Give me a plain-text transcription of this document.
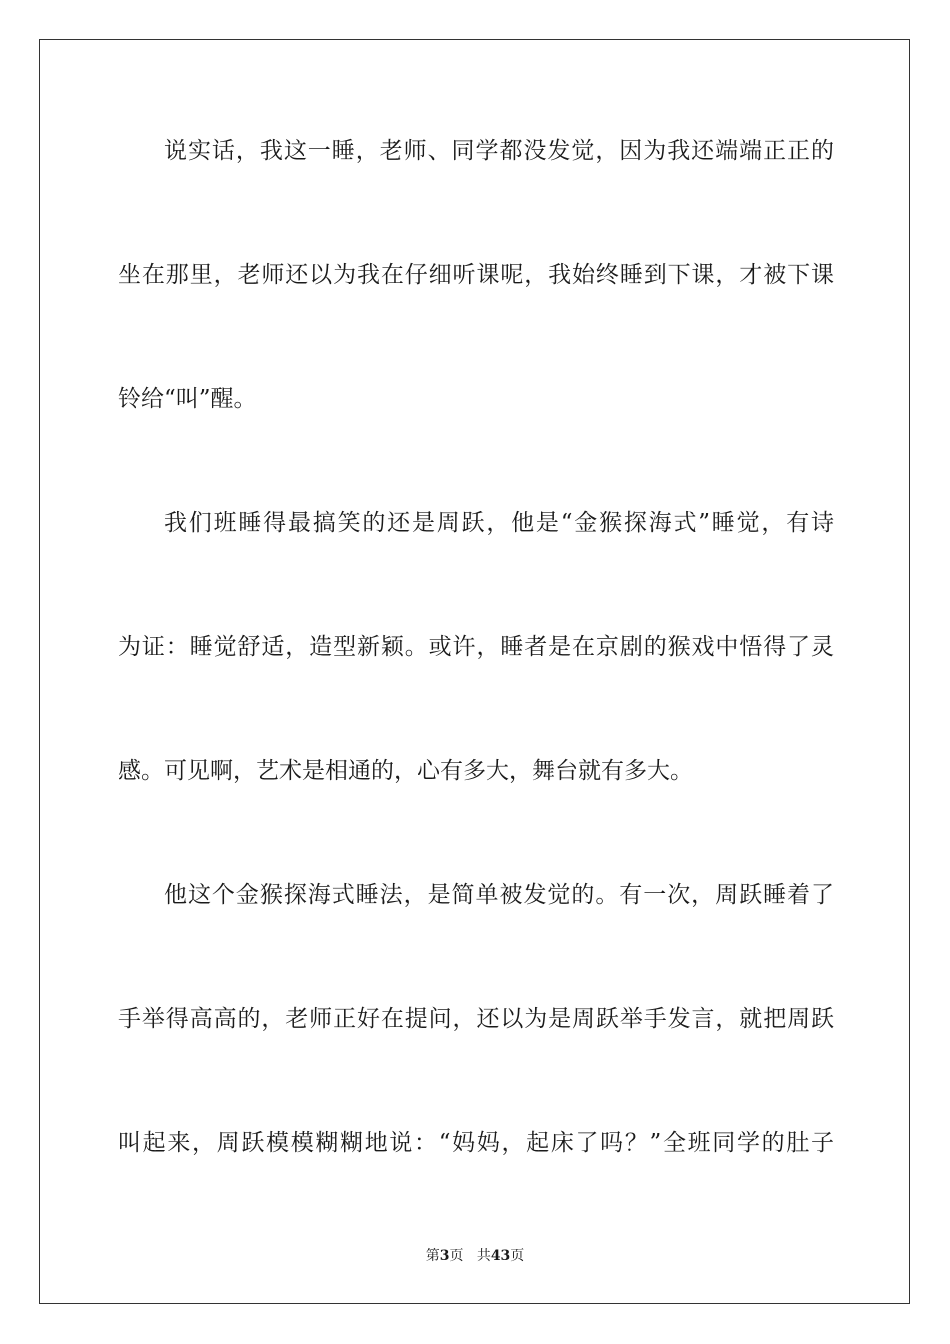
说实话，我这一睡，老师、同学都没发觉，因为我还端端正正的

坐在那里，老师还以为我在仔细听课呢，我始终睡到下课，才被下课

铃给“叫”醒。

我们班睡得最搞笑的还是周跃，他是“金猴探海式”睡觉，有诗

为证：睡觉舒适，造型新颖。或许，睡者是在京剧的猴戏中悟得了灵

感。可见啊，艺术是相通的，心有多大，舞台就有多大。

他这个金猴探海式睡法，是简单被发觉的。有一次，周跃睡着了

手举得高高的，老师正好在提问，还以为是周跃举手发言，就把周跃

叫起来，周跃模模糊糊地说：“妈妈，起床了吗？”全班同学的肚子

第3页 共43页
